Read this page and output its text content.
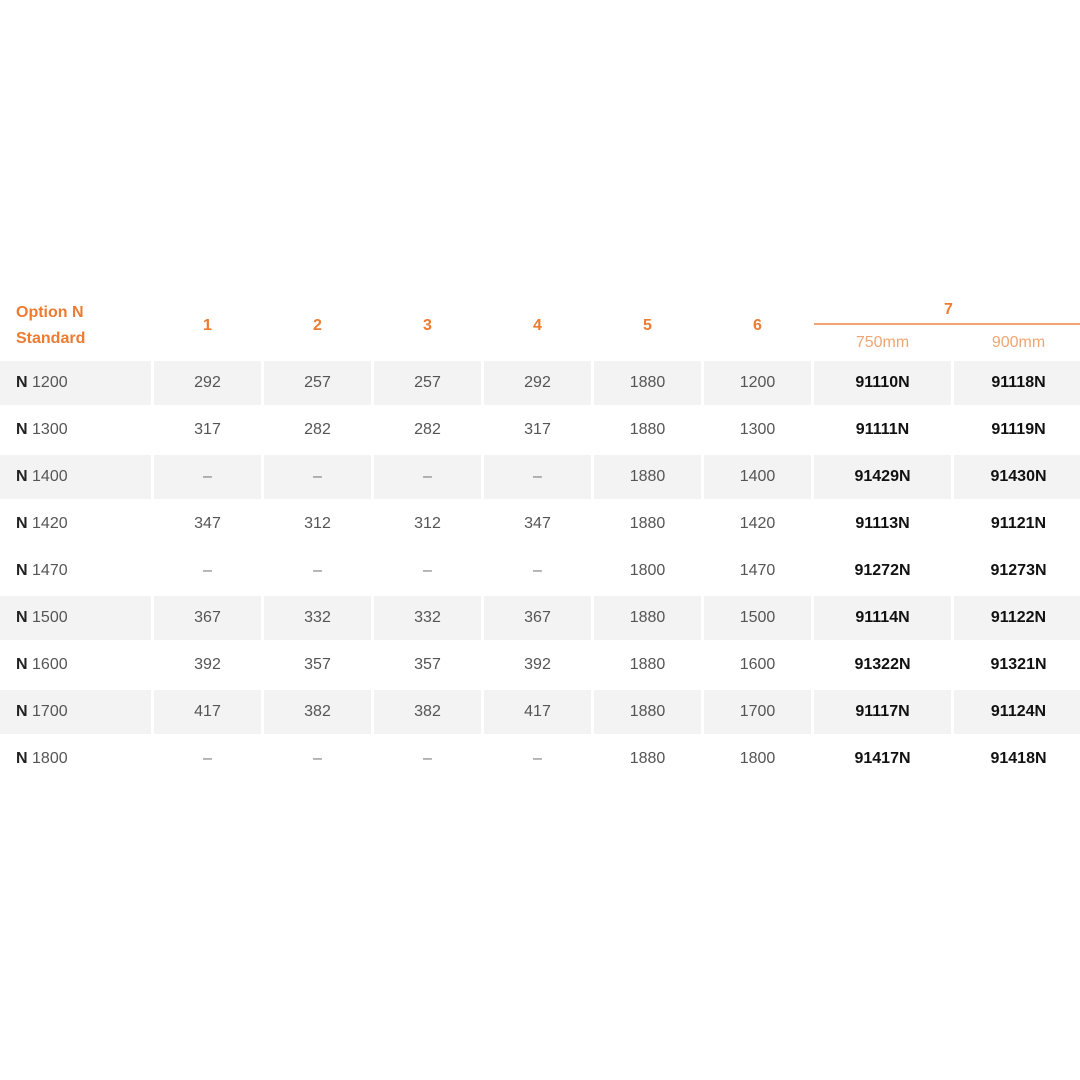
Option N
Standard	1	2	3	4	5	6	7	
							750mm	900mm
N 1200	292	257	257	292	1880	1200	91110N	91118N
N 1300	317	282	282	317	1880	1300	91111N	91119N
N 1400	–	–	–	–	1880	1400	91429N	91430N
N 1420	347	312	312	347	1880	1420	91113N	91121N
N 1470	–	–	–	–	1800	1470	91272N	91273N
N 1500	367	332	332	367	1880	1500	91114N	91122N
N 1600	392	357	357	392	1880	1600	91322N	91321N
N 1700	417	382	382	417	1880	1700	91117N	91124N
N 1800	–	–	–	–	1880	1800	91417N	91418N
